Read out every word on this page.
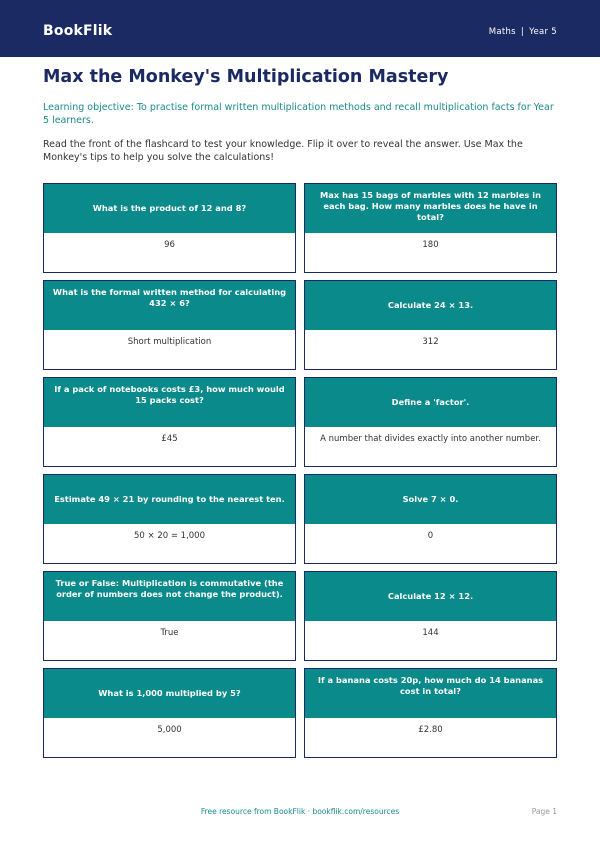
BookFlik	Maths | Year 5
Max the Monkey's Multiplication Mastery
Learning objective: To practise formal written multiplication methods and recall multiplication facts for Year 5 learners.
Read the front of the flashcard to test your knowledge. Flip it over to reveal the answer. Use Max the Monkey's tips to help you solve the calculations!
What is the product of 12 and 8?
96
Max has 15 bags of marbles with 12 marbles in each bag. How many marbles does he have in total?
180
What is the formal written method for calculating 432 × 6?
Short multiplication
Calculate 24 × 13.
312
If a pack of notebooks costs £3, how much would 15 packs cost?
£45
Define a 'factor'.
A number that divides exactly into another number.
Estimate 49 × 21 by rounding to the nearest ten.
50 × 20 = 1,000
Solve 7 × 0.
0
True or False: Multiplication is commutative (the order of numbers does not change the product).
True
Calculate 12 × 12.
144
What is 1,000 multiplied by 5?
5,000
If a banana costs 20p, how much do 14 bananas cost in total?
£2.80
Free resource from BookFlik · bookflik.com/resources	Page 1
